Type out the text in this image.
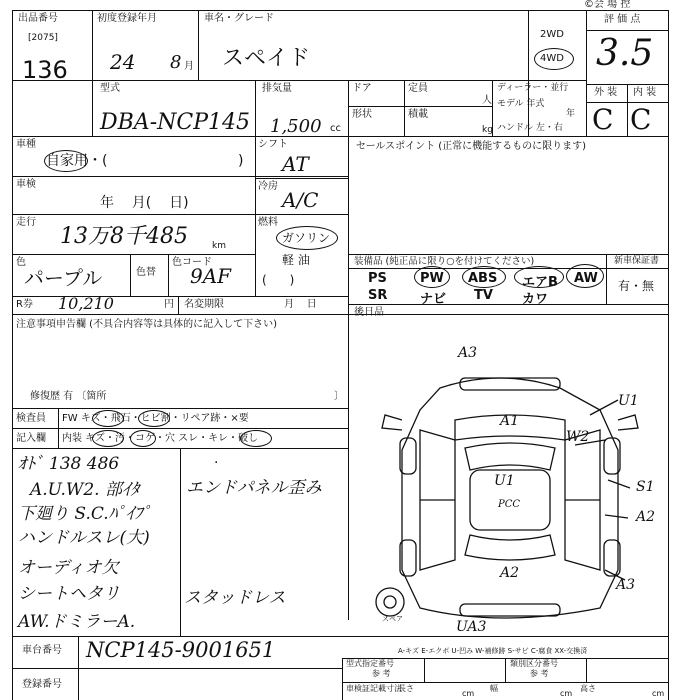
©会 場 控
出品番号
[2075]
136
初度登録年月
24 8 月
車名・グレード
スペイド
2WD
4WD
評 価 点
3.5
型式
DBA-NCP145
排気量
1,500 cc
ドア	定員
人
ディーラー・並行
モデル 年式
年
形状	積載
kg ハンドル 左・右
外 装 内 装
C C
車種
自家用・(	)
シフト
AT
車検
年    月(    日)
冷房
A/C
走行
13万8千485	km
燃料
ガソリン
軽 油
(      )
色
パープル	色替
色コード
9AF
R券 10,210	円 名変期限	月    日
セールスポイント (正常に機能するものに限ります)
装備品 (純正品に限り○を付けてください)	新車保証書
有・無
PS	PW ABS エアB AW
SR	ナビ TV カワ
注意事項申告欄 (不具合内容等は具体的に記入して下さい)
修復歴 有 〔箇所	〕
後日品
検査員
記入欄
FW キズ・飛石・ヒビ割・リペア跡・×要
内装 キズ・汚・コゲ・穴 スレ・キレ・破し
ｵﾄﾞ 138 486
A.U.W2. 部ｲﾀ
下廻り S.C.ﾊﾟｲﾌﾟ
ハンドルスレ(大)
オーディオ欠
シートヘタリ
AW.ドミラーA.
エンドパネル歪み
スタッドレス
·
A3
U1
A1
W2
U1
PCC
S1
A2
A2
A3
UA3
スペア
A-キズ E-エクボ U-凹み W-補修跡 S-サビ C-腐食 XX-交換済
車台番号 NCP145-9001651
登録番号
型式指定番号
参 考
類別区分番号
参 考
車検証記載寸法
長さ
cm
幅
cm
高さ
cm
